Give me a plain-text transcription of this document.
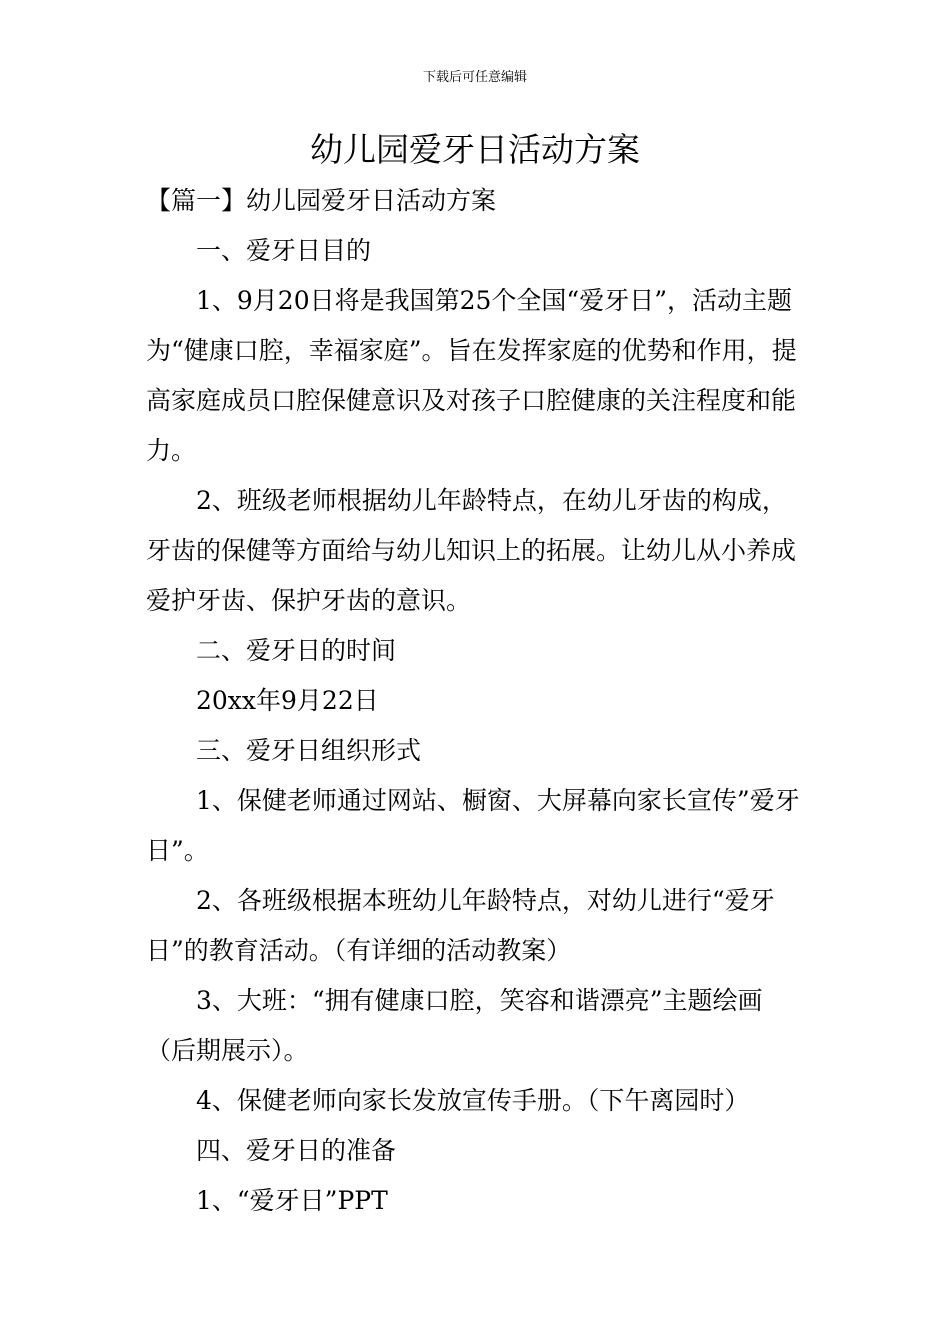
下载后可任意编辑
幼儿园爱牙日活动方案

【篇一】幼儿园爱牙日活动方案

一、爱牙日目的

1、9月20日将是我国第25个全国“爱牙日”，活动主题为“健康口腔，幸福家庭”。旨在发挥家庭的优势和作用，提高家庭成员口腔保健意识及对孩子口腔健康的关注程度和能力。

2、班级老师根据幼儿年龄特点，在幼儿牙齿的构成，牙齿的保健等方面给与幼儿知识上的拓展。让幼儿从小养成爱护牙齿、保护牙齿的意识。

二、爱牙日的时间

20xx年9月22日

三、爱牙日组织形式

1、保健老师通过网站、橱窗、大屏幕向家长宣传”爱牙日”。

2、各班级根据本班幼儿年龄特点，对幼儿进行“爱牙日”的教育活动。（有详细的活动教案）

3、大班：“拥有健康口腔，笑容和谐漂亮”主题绘画（后期展示）。

4、保健老师向家长发放宣传手册。（下午离园时）

四、爱牙日的准备

1、“爱牙日”PPT
